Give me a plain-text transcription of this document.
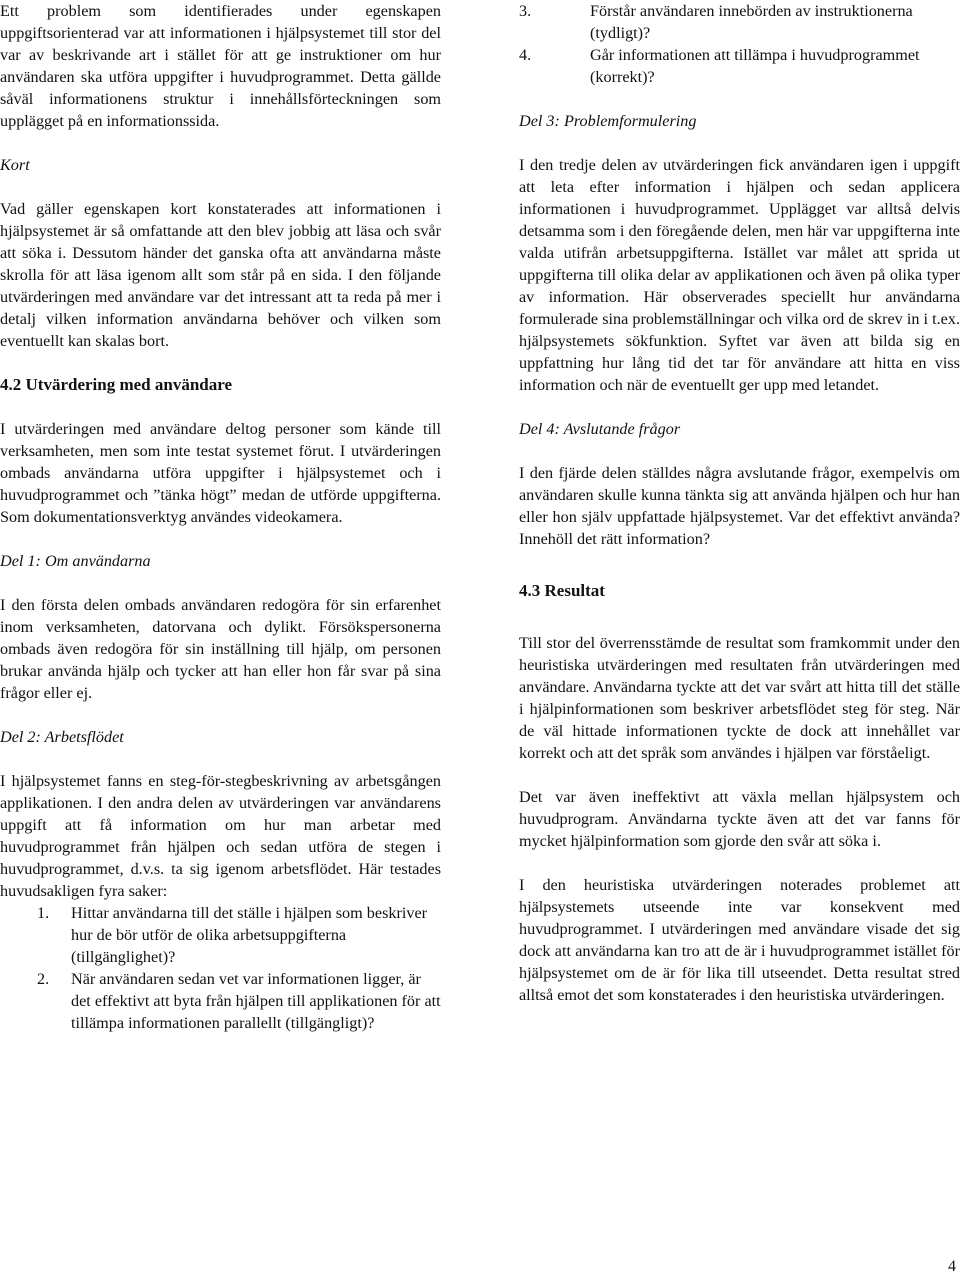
Ett problem som identifierades under egenskapen uppgiftsorienterad var att informationen i hjälpsystemet till stor del var av beskrivande art i stället för att ge instruktioner om hur användaren ska utföra uppgifter i huvudprogrammet. Detta gällde såväl informationens struktur i innehållsförteckningen som upplägget på en informationssida.

Kort

Vad gäller egenskapen kort konstaterades att informationen i hjälpsystemet är så omfattande att den blev jobbig att läsa och svår att söka i. Dessutom händer det ganska ofta att användarna måste skrolla för att läsa igenom allt som står på en sida. I den följande utvärderingen med användare var det intressant att ta reda på mer i detalj vilken information användarna behöver och vilken som eventuellt kan skalas bort.

4.2 Utvärdering med användare

I utvärderingen med användare deltog personer som kände till verksamheten, men som inte testat systemet förut. I utvärderingen ombads användarna utföra uppgifter i hjälpsystemet och i huvudprogrammet och ”tänka högt” medan de utförde uppgifterna. Som dokumentationsverktyg användes videokamera.

Del 1: Om användarna

I den första delen ombads användaren redogöra för sin erfarenhet inom verksamheten, datorvana och dylikt. Försökspersonerna ombads även redogöra för sin inställning till hjälp, om personen brukar använda hjälp och tycker att han eller hon får svar på sina frågor eller ej.

Del 2: Arbetsflödet

I hjälpsystemet fanns en steg-för-stegbeskrivning av arbetsgången applikationen. I den andra delen av utvärderingen var användarens uppgift att få information om hur man arbetar med huvudprogrammet från hjälpen och sedan utföra de stegen i huvudprogrammet, d.v.s. ta sig igenom arbetsflödet. Här testades huvudsakligen fyra saker:

1. Hittar användarna till det ställe i hjälpen som beskriver hur de bör utför de olika arbetsuppgifterna (tillgänglighet)?
2. När användaren sedan vet var informationen ligger, är det effektivt att byta från hjälpen till applikationen för att tillämpa informationen parallellt (tillgängligt)?
3.	Förstår användaren innebörden av instruktionerna (tydligt)?
4.	Går informationen att tillämpa i huvudprogrammet (korrekt)?

Del 3: Problemformulering

I den tredje delen av utvärderingen fick användaren igen i uppgift att leta efter information i hjälpen och sedan applicera informationen i huvudprogrammet. Upplägget var alltså delvis detsamma som i den föregående delen, men här var uppgifterna inte valda utifrån arbetsuppgifterna. Istället var målet att sprida ut uppgifterna till olika delar av applikationen och även på olika typer av information. Här observerades speciellt hur användarna formulerade sina problemställningar och vilka ord de skrev in i t.ex. hjälpsystemets sökfunktion. Syftet var även att bilda sig en uppfattning hur lång tid det tar för användare att hitta en viss information och när de eventuellt ger upp med letandet.

Del 4: Avslutande frågor

I den fjärde delen ställdes några avslutande frågor, exempelvis om användaren skulle kunna tänkta sig att använda hjälpen och hur han eller hon själv uppfattade hjälpsystemet. Var det effektivt använda? Innehöll det rätt information?

4.3 Resultat

Till stor del överrensstämde de resultat som framkommit under den heuristiska utvärderingen med resultaten från utvärderingen med användare. Användarna tyckte att det var svårt att hitta till det ställe i hjälpinformationen som beskriver arbetsflödet steg för steg. När de väl hittade informationen tyckte de dock att innehållet var korrekt och att det språk som användes i hjälpen var förståeligt.

Det var även ineffektivt att växla mellan hjälpsystem och huvudprogram. Användarna tyckte även att det var fanns för mycket hjälpinformation som gjorde den svår att söka i.

I den heuristiska utvärderingen noterades problemet att hjälpsystemets utseende inte var konsekvent med huvudprogrammet. I utvärderingen med användare visade det sig dock att användarna kan tro att de är i huvudprogrammet istället för hjälpsystemet om de är för lika till utseendet. Detta resultat stred alltså emot det som konstaterades i den heuristiska utvärderingen.

4
